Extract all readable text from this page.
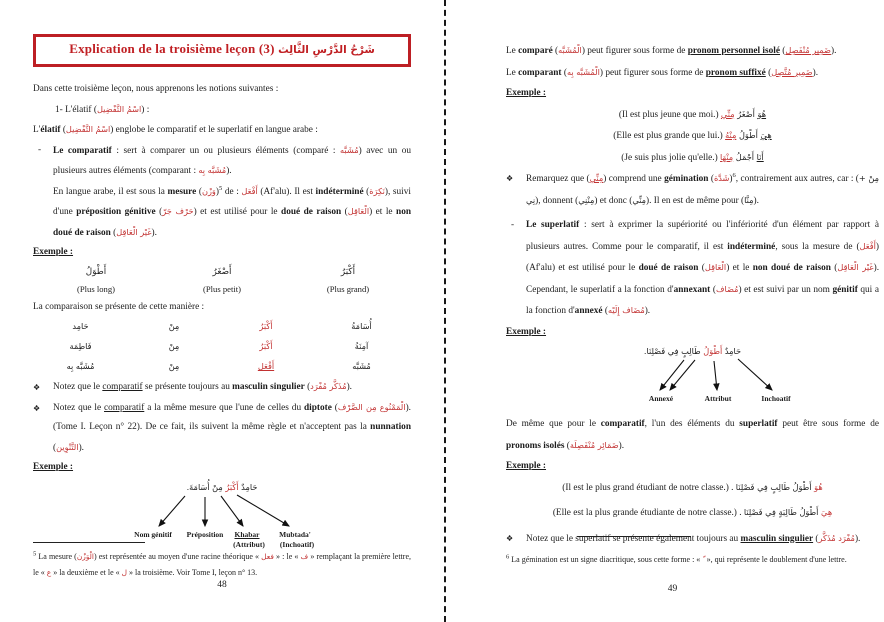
Explication de la troisième leçon (3) شَرْحُ الدَّرْسِ الثَّالِث

Dans cette troisième leçon, nous apprenons les notions suivantes :

1- L'élatif (اسْمُ التَّفْضِيل) :

L'élatif (اسْمُ التَّفْضِيل) englobe le comparatif et le superlatif en langue arabe :

- Le comparatif : sert à comparer un ou plusieurs éléments (comparé : مُشَبَّه) avec un ou plusieurs autres éléments (comparant : مُشَبَّه بِه).

En langue arabe, il est sous la mesure (وَزْن)$^5$ de : أَفْعَل (Af'alu). Il est indéterminé (نَكِرَة), suivi d'une préposition génitive (حَرْف جَرّ) et est utilisé pour le doué de raison (الْعَاقِل) et le non doué de raison (غَيْر الْعَاقِل).

Exemple :

أَطْوَلُ
(Plus long)
أَصْغَرُ
(Plus petit)
أَكْبَرُ
(Plus grand)

La comparaison se présente de cette manière :

حَامِد	مِنْ	أَكْبَرُ	أُسَامَةُ
فَاطِمَة	مِنْ	أَكْبَرُ	آمِنَةُ
مُشَبَّه بِه	مِنْ	أَفْعَل	مُشَبَّه
❖ Notez que le comparatif se présente toujours au masculin singulier (مُذَكَّر مُفْرَد).

❖ Notez que le comparatif a la même mesure que l'une de celles du diptote (الْمَمْنُوع مِن الصَّرْف). (Tome I. Leçon n° 22). De ce fait, ils suivent la même règle et n'acceptent pas la nunnation (التَّنْوِين).

Exemple :

حَامِدٌ أَكْبَرُ مِنْ أُسَامَةَ.
Nom génitif Préposition Khabar
(Attribut)
Mubtada'
(Inchoatif)
$^5$ La mesure (الْوَزْن) est représentée au moyen d'une racine théorique « فعل » : le « ف » remplaçant la première lettre, le « ع » la deuxième et le « ل » la troisième. Voir Tome I, leçon n° 13.
48

Le comparé (الْمُشَبَّه) peut figurer sous forme de pronom personnel isolé (ضَمِير مُنْفَصِل).

Le comparant (الْمُشَبَّه بِه) peut figurer sous forme de pronom suffixé (ضَمِير مُتَّصِل).

Exemple :

(Il est plus jeune que moi.)	هُوَ أَصْغَرُ مِنِّي

(Elle est plus grande que lui.)	هِيَ أَطْوَلُ مِنْهُ

(Je suis plus jolie qu'elle.)	أَنَا أَجْمَلُ مِنْهَا

❖ Remarquez que (مِنِّي) comprend une gémination (شَدَّة)$^6$, contrairement aux autres, car : (مِنْ + نِي), donnent (مِنْنِي) et donc (مِنِّي). Il en est de même pour (مِنَّا).

- Le superlatif : sert à exprimer la supériorité ou l'infériorité d'un élément par rapport à plusieurs autres. Comme pour le comparatif, il est indéterminé, sous la mesure de (أَفْعَل) (Af'alu) et est utilisé pour le doué de raison (الْعَاقِل) et le non doué de raison (غَيْر الْعَاقِل). Cependant, le superlatif a la fonction d'annexant (مُضَاف) et est suivi par un nom génitif qui a la fonction d'annexé (مُضَاف إِلَيْه).

Exemple :

حَامِدٌ أَطْوَلُ طَالِبٍ فِي فَصْلِنَا.
Annexé	Attribut	Inchoatif

De même que pour le comparatif, l'un des éléments du superlatif peut être sous forme de pronoms isolés (ضَمَائِر مُنْفَصِلَة).

Exemple :

(Il est le plus grand étudiant de notre classe.) .	هُوَ أَطْوَلُ طَالِبٍ فِي فَصْلِنَا

(Elle est la plus grande étudiante de notre classe.) .	هِيَ أَطْوَلُ طَالِبَةٍ فِي فَصْلِنَا

❖ Notez que le superlatif se présente également toujours au masculin singulier (مُفْرَد مُذَكَّر).

$^6$ La gémination est un signe diacritique, sous cette forme : «  ّ », qui représente le doublement d'une lettre.
49
